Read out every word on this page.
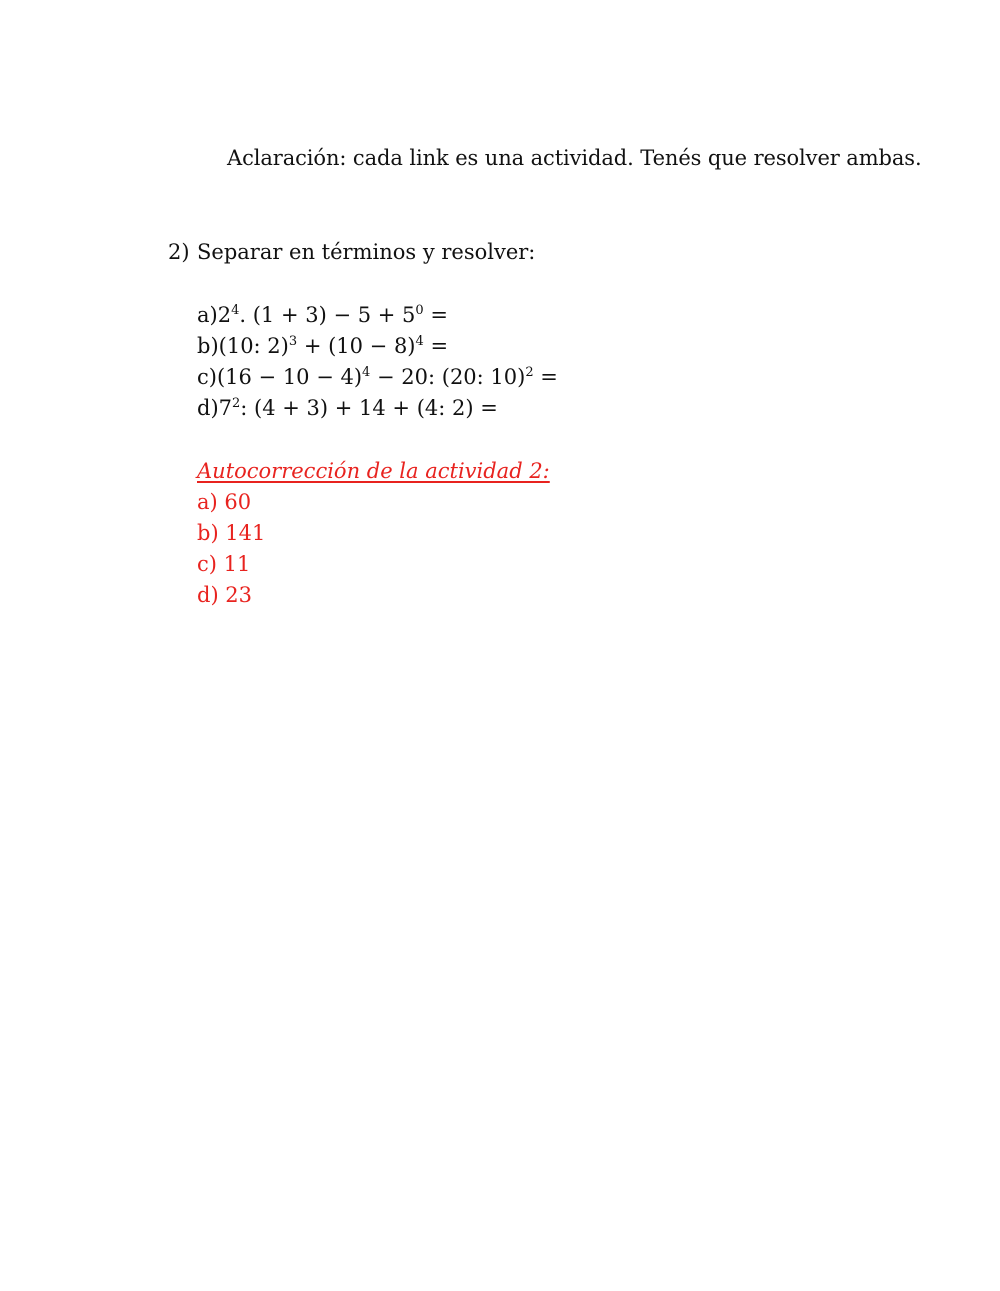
Aclaración: cada link es una actividad. Tenés que resolver ambas.
2) Separar en términos y resolver:
$a)2^4$. $(1 + 3) - 5 + 5^0$ =
b)(10: $2)^3 + (10 - 8)^4$ =
$c)(16 - 10 - 4)^4 - 20$: (20: 10)$^2$ =
$d)7^2$: (4 + 3) + 14 + (4: 2) =
Autocorrección de la actividad 2:
a) 60
b) 141
c) 11
d) 23
